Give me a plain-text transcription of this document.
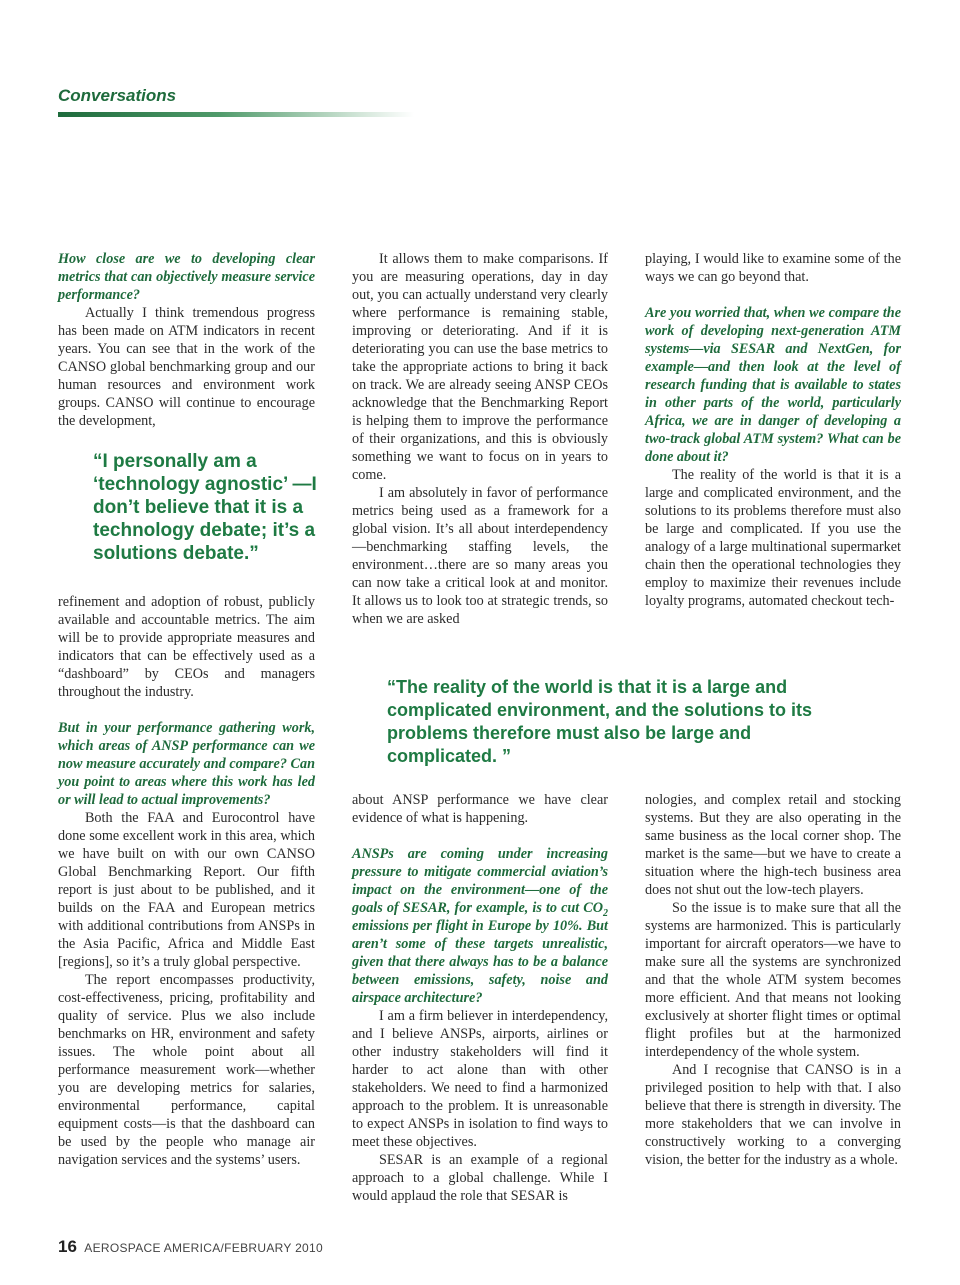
Conversations

How close are we to developing clear metrics that can objectively measure service performance?

Actually I think tremendous progress has been made on ATM indicators in recent years. You can see that in the work of the CANSO global benchmarking group and our human resources and environment work groups. CANSO will continue to encourage the development,

“I personally am a ‘technology agnostic’ —I don’t believe that it is a technology debate; it’s a solutions debate.”

refinement and adoption of robust, publicly available and accountable metrics. The aim will be to provide appropriate measures and indicators that can be effectively used as a “dashboard” by CEOs and managers throughout the industry.

But in your performance gathering work, which areas of ANSP performance can we now measure accurately and compare? Can you point to areas where this work has led or will lead to actual improvements?

Both the FAA and Eurocontrol have done some excellent work in this area, which we have built on with our own CANSO Global Benchmarking Report. Our fifth report is just about to be published, and it builds on the FAA and European metrics with additional contributions from ANSPs in the Asia Pacific, Africa and Middle East [regions], so it’s a truly global perspective.

The report encompasses productivity, cost-effectiveness, pricing, profitability and quality of service. Plus we also include benchmarks on HR, environment and safety issues. The whole point about all performance measurement work—whether you are developing metrics for salaries, environmental performance, capital equipment costs—is that the dashboard can be used by the people who manage air navigation services and the systems’ users.

It allows them to make comparisons. If you are measuring operations, day in day out, you can actually understand very clearly where performance is remaining stable, improving or deteriorating. And if it is deteriorating you can use the base metrics to take the appropriate actions to bring it back on track. We are already seeing ANSP CEOs acknowledge that the Benchmarking Report is helping them to improve the performance of their organizations, and this is obviously something we want to focus on in years to come.

I am absolutely in favor of performance metrics being used as a framework for a global vision. It’s all about interdependency—benchmarking staffing levels, the environment…there are so many areas you can now take a critical look at and monitor. It allows us to look too at strategic trends, so when we are asked

playing, I would like to examine some of the ways we can go beyond that.

Are you worried that, when we compare the work of developing next-generation ATM systems—via SESAR and NextGen, for example—and then look at the level of research funding that is available to states in other parts of the world, particularly Africa, we are in danger of developing a two-track global ATM system? What can be done about it?

The reality of the world is that it is a large and complicated environment, and the solutions to its problems therefore must also be large and complicated. If you use the analogy of a large multinational supermarket chain then the operational technologies they employ to maximize their revenues include loyalty programs, automated checkout tech-

“The reality of the world is that it is a large and complicated environment, and the solutions to its problems therefore must also be large and complicated. ”

about ANSP performance we have clear evidence of what is happening.

ANSPs are coming under increasing pressure to mitigate commercial aviation’s impact on the environment—one of the goals of SESAR, for example, is to cut $CO_2$ emissions per flight in Europe by 10%. But aren’t some of these targets unrealistic, given that there always has to be a balance between emissions, safety, noise and airspace architecture?

I am a firm believer in interdependency, and I believe ANSPs, airports, airlines or other industry stakeholders will find it harder to act alone than with other stakeholders. We need to find a harmonized approach to the problem. It is unreasonable to expect ANSPs in isolation to find ways to meet these objectives.

SESAR is an example of a regional approach to a global challenge. While I would applaud the role that SESAR is

nologies, and complex retail and stocking systems. But they are also operating in the same business as the local corner shop. The market is the same—but we have to create a situation where the high-tech business area does not shut out the low-tech players.

So the issue is to make sure that all the systems are harmonized. This is particularly important for aircraft operators—we have to make sure all the systems are synchronized and that the whole ATM system becomes more efficient. And that means not looking exclusively at shorter flight times or optimal flight profiles but at the harmonized interdependency of the whole system.

And I recognise that CANSO is in a privileged position to help with that. I also believe that there is strength in diversity. The more stakeholders that we can involve in constructively working to a converging vision, the better for the industry as a whole.

16 AEROSPACE AMERICA/FEBRUARY 2010
